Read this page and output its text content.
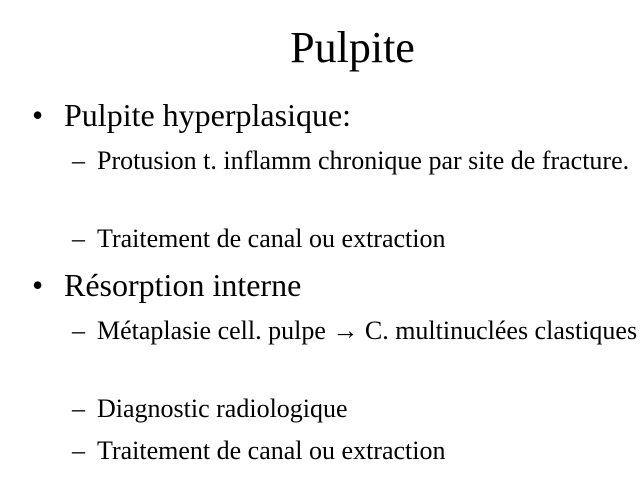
Pulpite
• Pulpite hyperplasique:
– Protusion t. inflamm chronique par site de fracture.
– Traitement de canal ou extraction
• Résorption interne
– Métaplasie cell. pulpe → C. multinuclées clastiques
– Diagnostic radiologique
– Traitement de canal ou extraction
